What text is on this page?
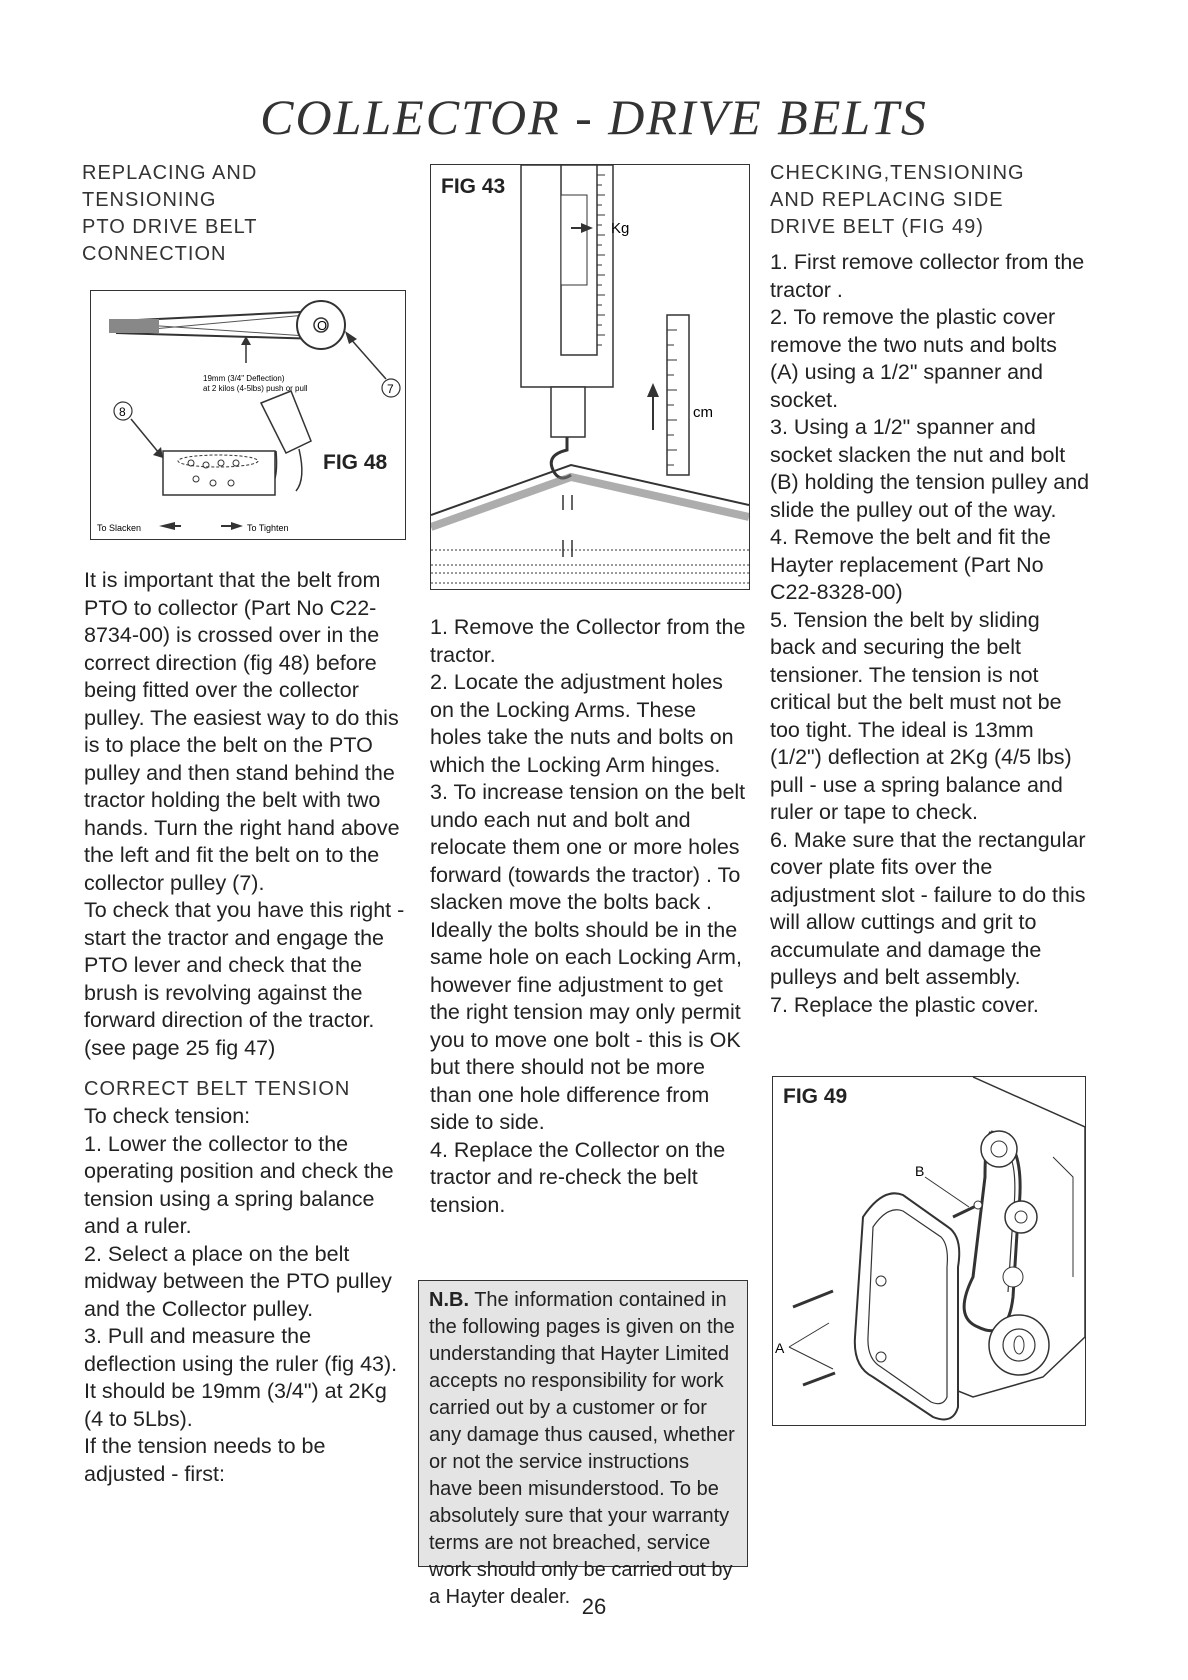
COLLECTOR - DRIVE BELTS

REPLACING AND
TENSIONING
PTO DRIVE BELT
CONNECTION

O
19mm (3/4" Deflection)
at 2 kilos (4-5lbs) push or pull	7
8
To Slacken	To Tighten
FIG 48

It is important that the belt from PTO to collector (Part No C22-8734-00) is crossed over in the correct direction (fig 48) before being fitted over the collector pulley. The easiest way to do this is to place the belt on the PTO pulley and then stand behind the tractor holding the belt with two hands. Turn the right hand above the left and fit the belt on to the collector pulley (7).

To check that you have this right - start the tractor and engage the PTO lever and check that the brush is revolving against the forward direction of the tractor. (see page 25 fig 47)

CORRECT BELT TENSION

To check tension:

1. Lower the collector to the operating position and check the tension using a spring balance and a ruler.

2. Select a place on the belt midway between the PTO pulley and the Collector pulley.

3. Pull and measure the deflection using the ruler (fig 43). It should be 19mm (3/4") at 2Kg (4 to 5Lbs).

If the tension needs to be adjusted - first:

Kg
cm
FIG 43

1. Remove the Collector from the tractor.

2. Locate the adjustment holes on the Locking Arms. These holes take the nuts and bolts on which the Locking Arm hinges.

3. To increase tension on the belt undo each nut and bolt and relocate them one or more holes forward (towards the tractor) . To slacken move the bolts back . Ideally the bolts should be in the same hole on each Locking Arm, however fine adjustment to get the right tension may only permit you to move one bolt - this is OK but there should not be more than one hole difference from side to side.

4. Replace the Collector on the tractor and re-check the belt tension.

N.B. The information contained in the following pages is given on the understanding that Hayter Limited accepts no responsibility for work carried out by a customer or for any damage thus caused, whether or not the service instructions have been misunderstood. To be absolutely sure that your warranty terms are not breached, service work should only be carried out by a Hayter dealer.

CHECKING,TENSIONING
AND REPLACING SIDE
DRIVE BELT (FIG 49)

1. First remove collector from the tractor .

2. To remove the plastic cover remove the two nuts and bolts (A) using a 1/2" spanner and socket.

3. Using a 1/2" spanner and socket slacken the nut and bolt (B) holding the tension pulley and slide the pulley out of the way.

4. Remove the belt and fit the Hayter replacement (Part No C22-8328-00)

5. Tension the belt by sliding back and securing the belt tensioner. The tension is not critical but the belt must not be too tight. The ideal is 13mm (1/2") deflection at 2Kg (4/5 lbs) pull - use a spring balance and ruler or tape to check.

6. Make sure that the rectangular cover plate fits over the adjustment slot - failure to do this will allow cuttings and grit to accumulate and damage the pulleys and belt assembly.

7. Replace the plastic cover.

B
A
FIG 49
26
